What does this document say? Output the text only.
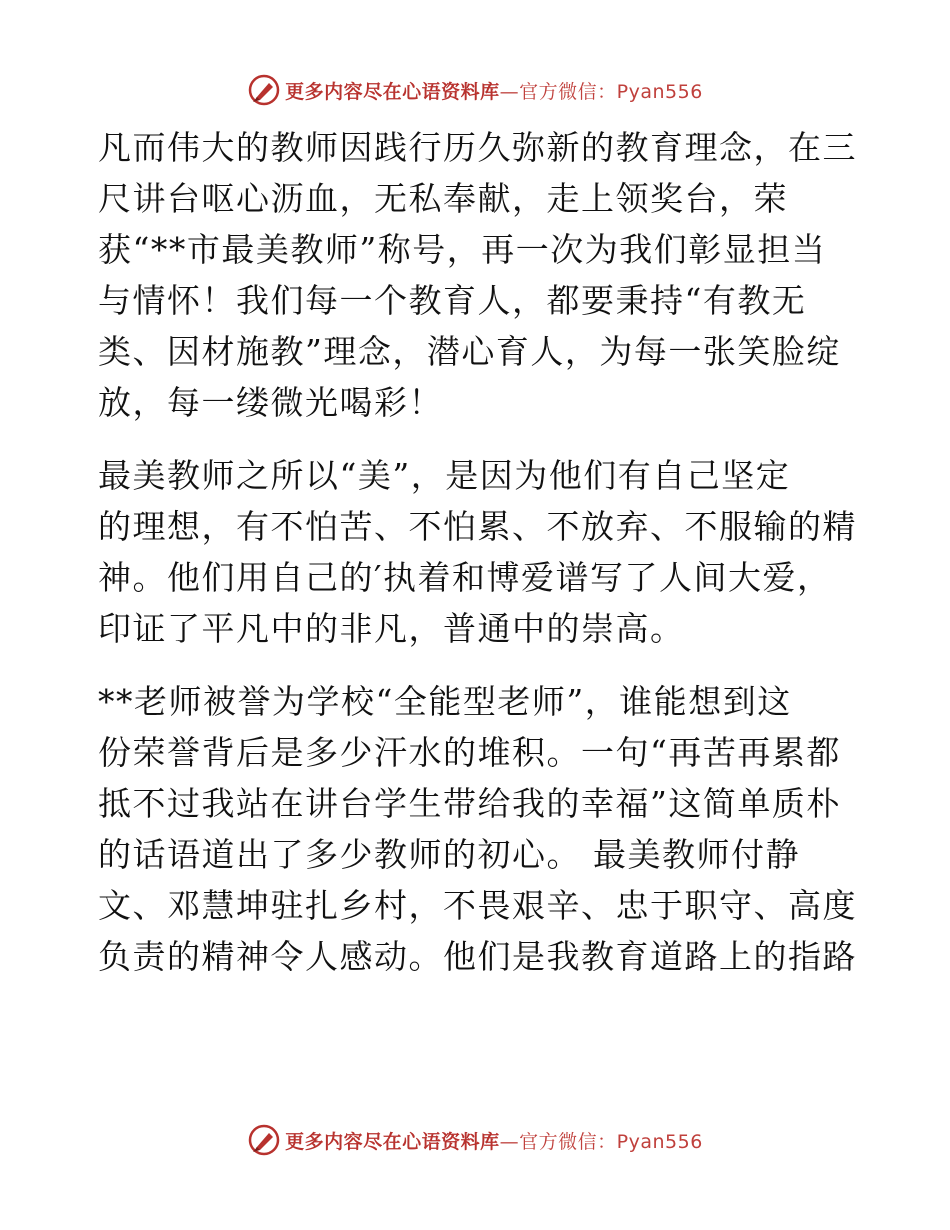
更多内容尽在心语资料库—官方微信：Pyan556
凡而伟大的教师因践行历久弥新的教育理念，在三
尺讲台呕心沥血，无私奉献，走上领奖台，荣
获“**市最美教师”称号，再一次为我们彰显担当
与情怀！我们每一个教育人，都要秉持“有教无
类、因材施教”理念，潜心育人，为每一张笑脸绽
放，每一缕微光喝彩！
最美教师之所以“美”，是因为他们有自己坚定
的理想，有不怕苦、不怕累、不放弃、不服输的精
神。他们用自己的′执着和博爱谱写了人间大爱，
印证了平凡中的非凡，普通中的崇高。
**老师被誉为学校“全能型老师”，谁能想到这
份荣誉背后是多少汗水的堆积。一句“再苦再累都
抵不过我站在讲台学生带给我的幸福”这简单质朴
的话语道出了多少教师的初心。 最美教师付静
文、邓慧坤驻扎乡村，不畏艰辛、忠于职守、高度
负责的精神令人感动。他们是我教育道路上的指路
更多内容尽在心语资料库—官方微信：Pyan556
